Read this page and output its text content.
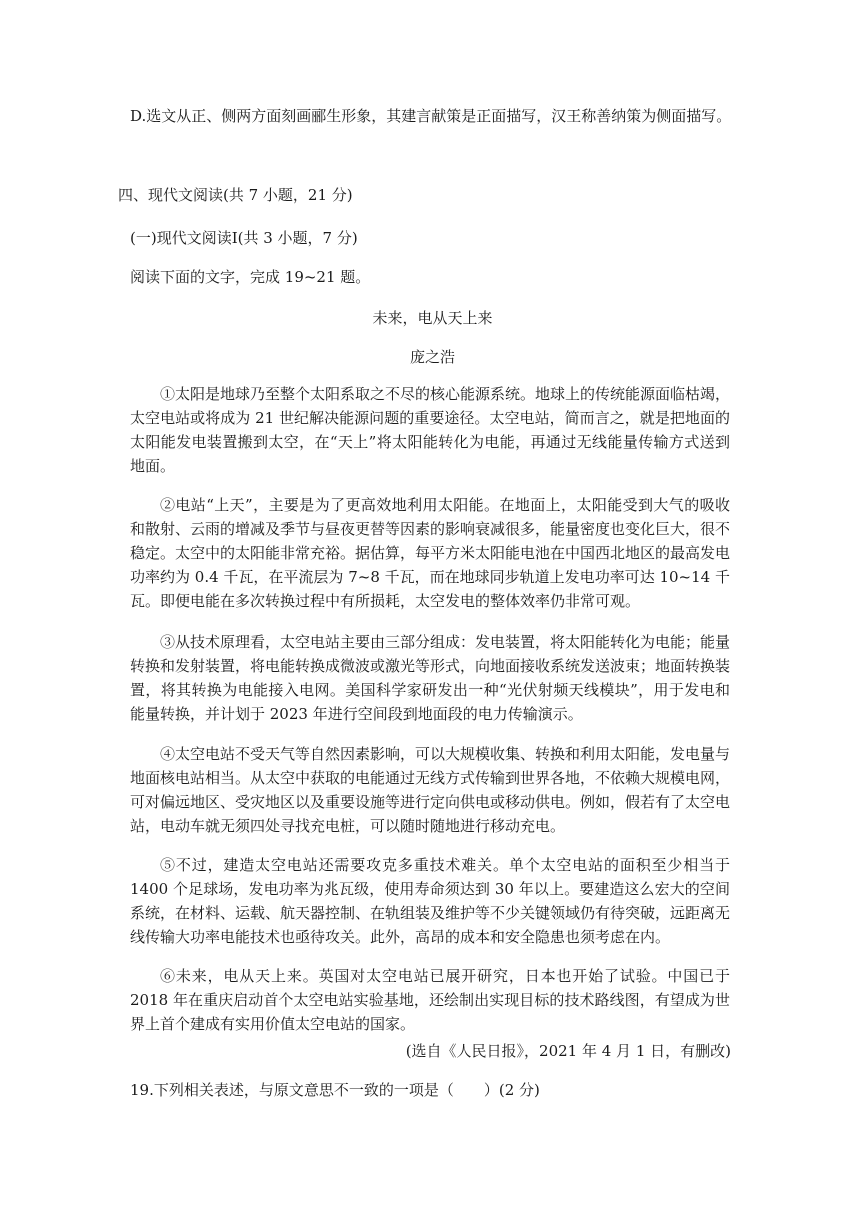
D.选文从正、侧两方面刻画郦生形象，其建言献策是正面描写，汉王称善纳策为侧面描写。
四、现代文阅读(共 7 小题，21 分)
(一)现代文阅读Ⅰ(共 3 小题，7 分)
阅读下面的文字，完成 19~21 题。
未来，电从天上来
庞之浩
①太阳是地球乃至整个太阳系取之不尽的核心能源系统。地球上的传统能源面临枯竭，太空电站或将成为 21 世纪解决能源问题的重要途径。太空电站，简而言之，就是把地面的太阳能发电装置搬到太空，在“天上”将太阳能转化为电能，再通过无线能量传输方式送到地面。
②电站“上天”，主要是为了更高效地利用太阳能。在地面上，太阳能受到大气的吸收和散射、云雨的增减及季节与昼夜更替等因素的影响衰减很多，能量密度也变化巨大，很不稳定。太空中的太阳能非常充裕。据估算，每平方米太阳能电池在中国西北地区的最高发电功率约为 0.4 千瓦，在平流层为 7~8 千瓦，而在地球同步轨道上发电功率可达 10~14 千瓦。即便电能在多次转换过程中有所损耗，太空发电的整体效率仍非常可观。
③从技术原理看，太空电站主要由三部分组成：发电装置，将太阳能转化为电能；能量转换和发射装置，将电能转换成微波或激光等形式，向地面接收系统发送波束；地面转换装置，将其转换为电能接入电网。美国科学家研发出一种“光伏射频天线模块”，用于发电和能量转换，并计划于 2023 年进行空间段到地面段的电力传输演示。
④太空电站不受天气等自然因素影响，可以大规模收集、转换和利用太阳能，发电量与地面核电站相当。从太空中获取的电能通过无线方式传输到世界各地，不依赖大规模电网，可对偏远地区、受灾地区以及重要设施等进行定向供电或移动供电。例如，假若有了太空电站，电动车就无须四处寻找充电桩，可以随时随地进行移动充电。
⑤不过，建造太空电站还需要攻克多重技术难关。单个太空电站的面积至少相当于 1400 个足球场，发电功率为兆瓦级，使用寿命须达到 30 年以上。要建造这么宏大的空间系统，在材料、运载、航天器控制、在轨组装及维护等不少关键领域仍有待突破，远距离无线传输大功率电能技术也亟待攻关。此外，高昂的成本和安全隐患也须考虑在内。
⑥未来，电从天上来。英国对太空电站已展开研究，日本也开始了试验。中国已于 2018 年在重庆启动首个太空电站实验基地，还绘制出实现目标的技术路线图，有望成为世界上首个建成有实用价值太空电站的国家。
(选自《人民日报》，2021 年 4 月 1 日，有删改)
19.下列相关表述，与原文意思不一致的一项是（　　）(2 分)
